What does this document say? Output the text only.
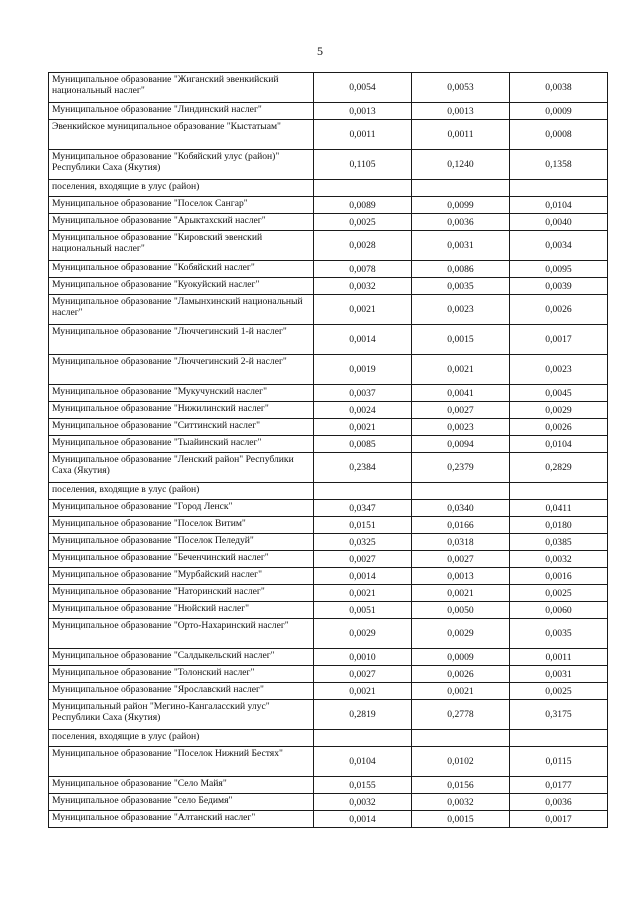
5
Муниципальное образование "Жиганский эвенкийский национальный наслег"	0,0054	0,0053	0,0038
Муниципальное образование "Линдинский наслег"	0,0013	0,0013	0,0009
Эвенкийское муниципальное образование "Кыстатыам"	0,0011	0,0011	0,0008
Муниципальное образование "Кобяйский улус (район)" Республики Саха (Якутия)	0,1105	0,1240	0,1358
поселения, входящие в улус (район)			
Муниципальное образование "Поселок Сангар"	0,0089	0,0099	0,0104
Муниципальное образование "Арыктахский наслег"	0,0025	0,0036	0,0040
Муниципальное образование "Кировский эвенский национальный наслег"	0,0028	0,0031	0,0034
Муниципальное образование "Кобяйский наслег"	0,0078	0,0086	0,0095
Муниципальное образование "Куокуйский наслег"	0,0032	0,0035	0,0039
Муниципальное образование "Ламынхинский национальный наслег"	0,0021	0,0023	0,0026
Муниципальное образование "Люччегинский 1-й наслег"	0,0014	0,0015	0,0017
Муниципальное образование "Люччегинский 2-й наслег"	0,0019	0,0021	0,0023
Муниципальное образование "Мукучунский наслег"	0,0037	0,0041	0,0045
Муниципальное образование "Нижилинский наслег"	0,0024	0,0027	0,0029
Муниципальное образование "Ситтинский наслег"	0,0021	0,0023	0,0026
Муниципальное образование "Тыайинский наслег"	0,0085	0,0094	0,0104
Муниципальное образование "Ленский район" Республики Саха (Якутия)	0,2384	0,2379	0,2829
поселения, входящие в улус (район)			
Муниципальное образование "Город Ленск"	0,0347	0,0340	0,0411
Муниципальное образование "Поселок Витим"	0,0151	0,0166	0,0180
Муниципальное образование "Поселок Пеледуй"	0,0325	0,0318	0,0385
Муниципальное образование "Беченчинский наслег"	0,0027	0,0027	0,0032
Муниципальное образование "Мурбайский наслег"	0,0014	0,0013	0,0016
Муниципальное образование "Наторинский наслег"	0,0021	0,0021	0,0025
Муниципальное образование "Нюйский наслег"	0,0051	0,0050	0,0060
Муниципальное образование "Орто-Нахаринский наслег"	0,0029	0,0029	0,0035
Муниципальное образование "Салдыкельский наслег"	0,0010	0,0009	0,0011
Муниципальное образование "Толонский наслег"	0,0027	0,0026	0,0031
Муниципальное образование "Ярославский наслег"	0,0021	0,0021	0,0025
Муниципальный район "Мегино-Кангаласский улус" Республики Саха (Якутия)	0,2819	0,2778	0,3175
поселения, входящие в улус (район)			
Муниципальное образование "Поселок Нижний Бестях"	0,0104	0,0102	0,0115
Муниципальное образование "Село Майя"	0,0155	0,0156	0,0177
Муниципальное образование "село Бедимя"	0,0032	0,0032	0,0036
Муниципальное образование "Алтанский наслег"	0,0014	0,0015	0,0017
